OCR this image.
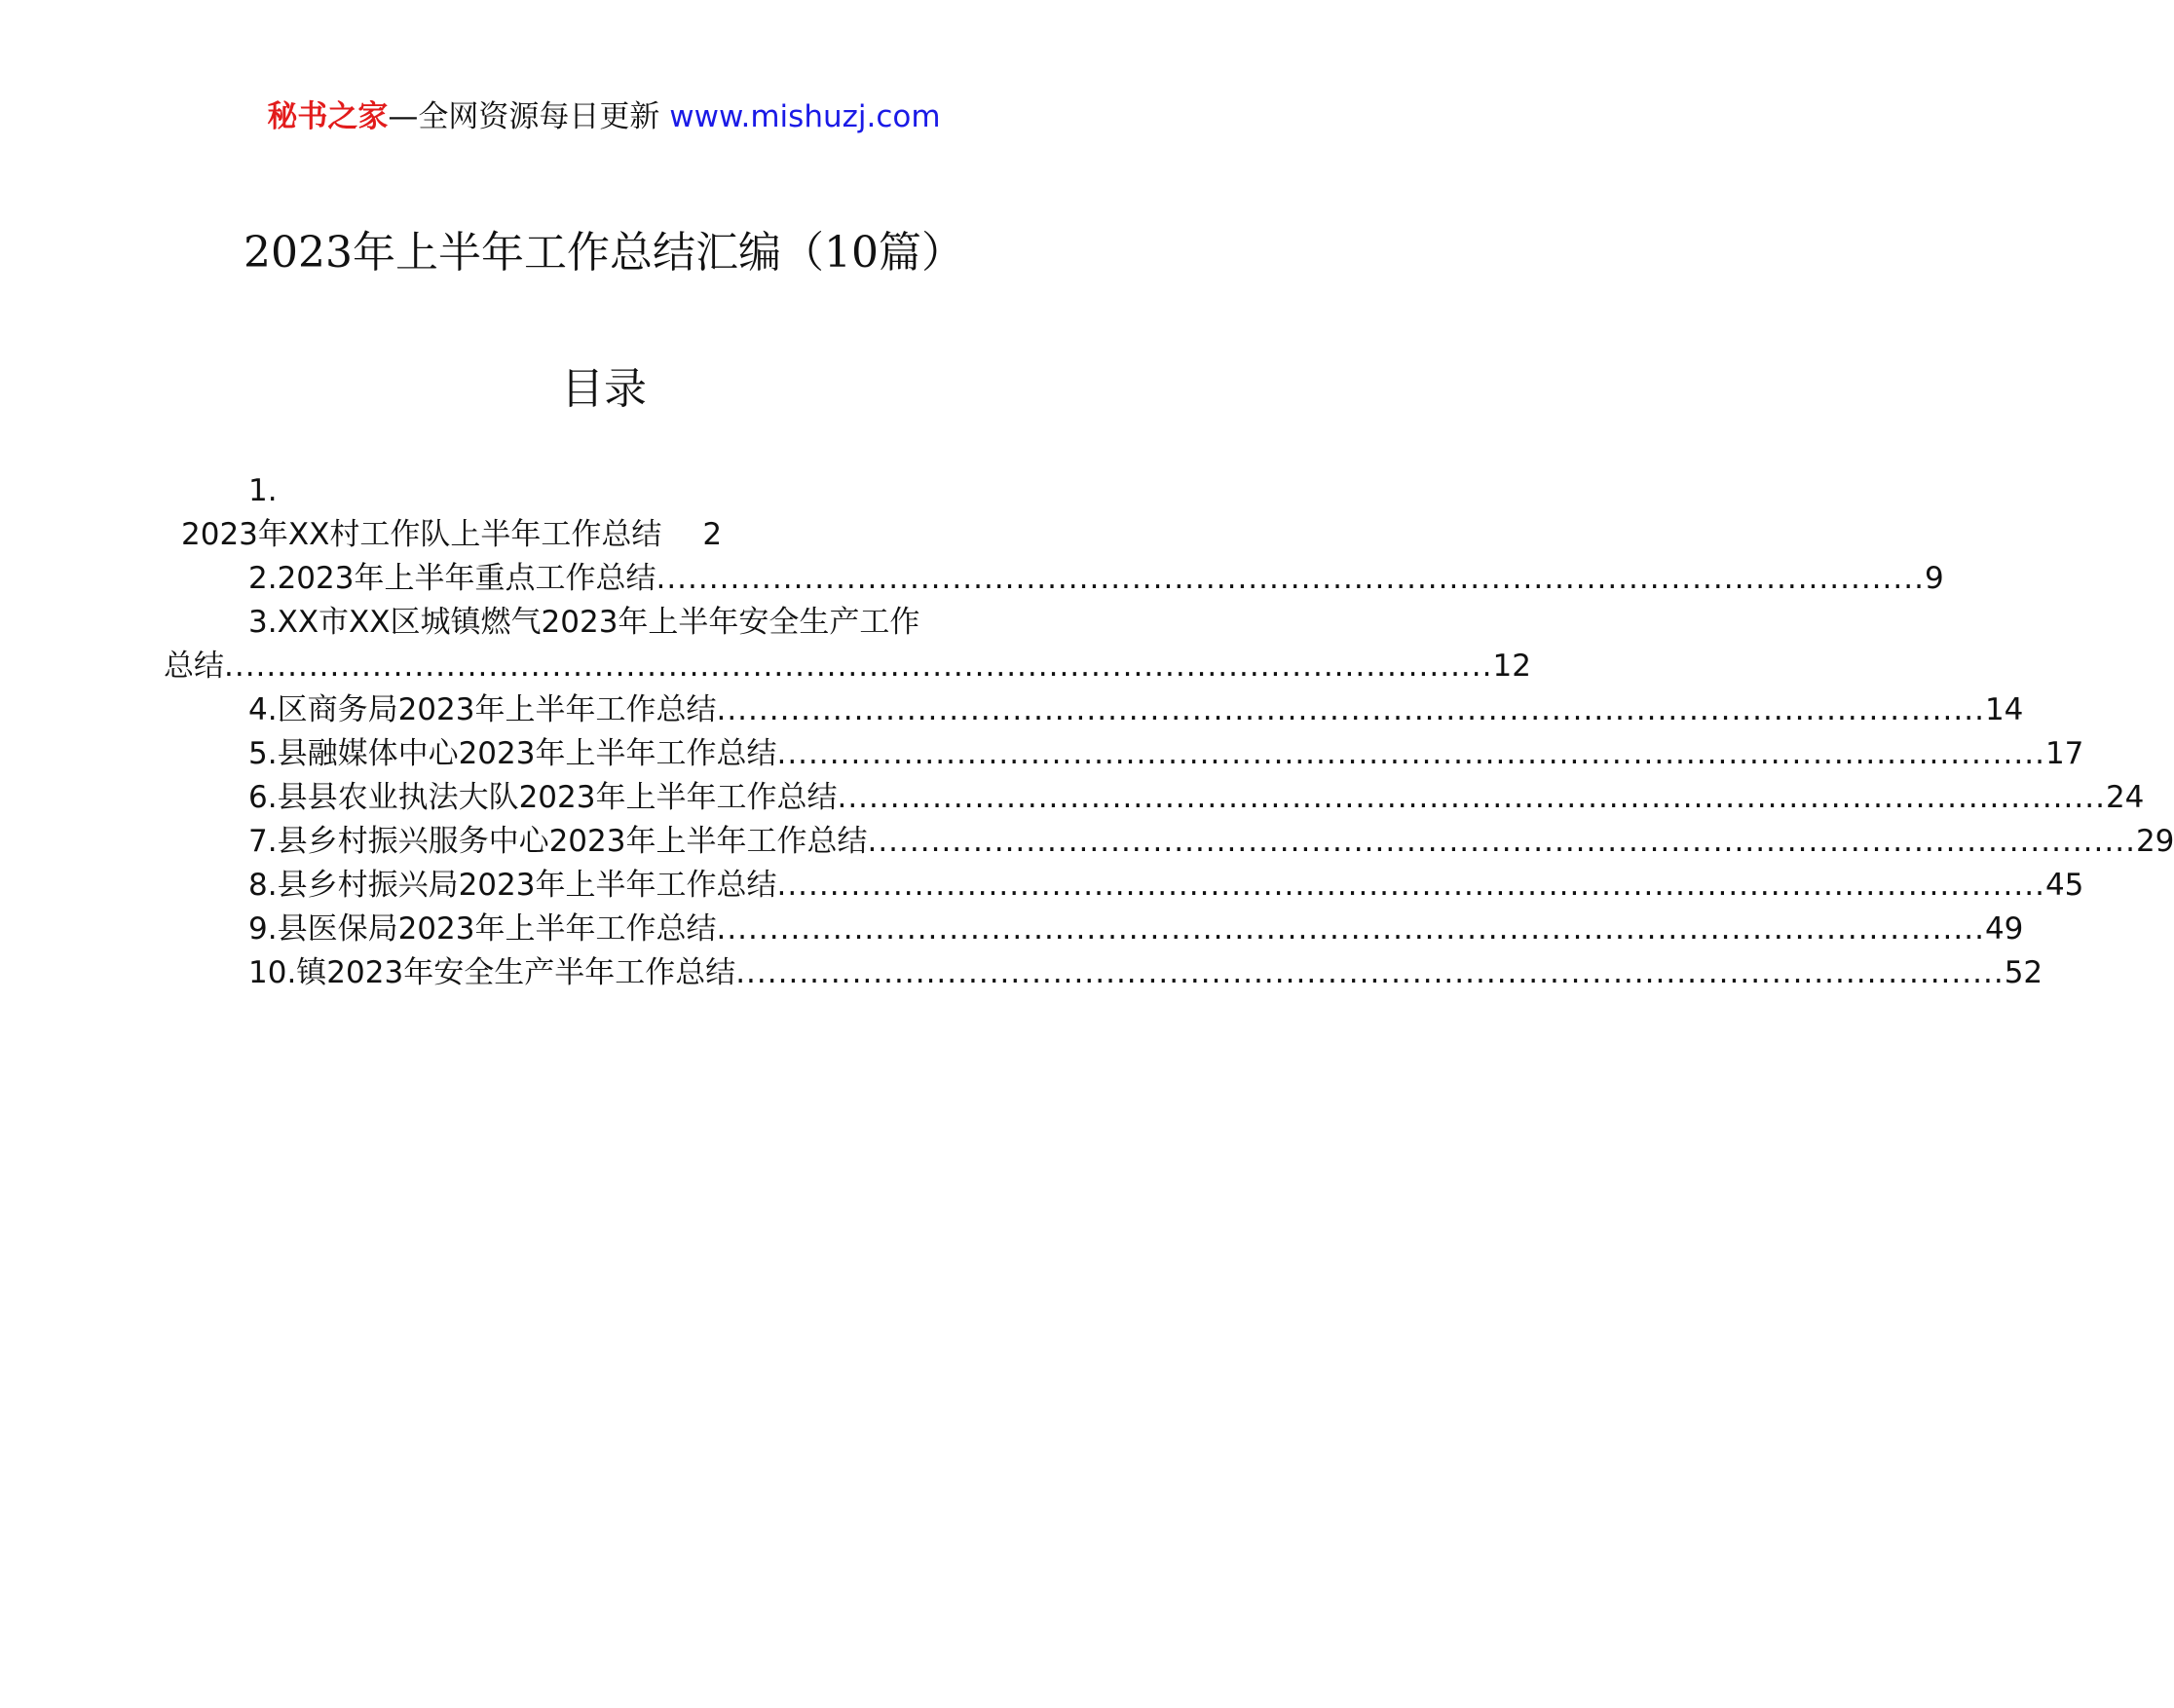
秘书之家—全网资源每日更新 www.mishuzj.com
2023年上半年工作总结汇编（10篇）
目录
1.
2023年XX村工作队上半年工作总结 2
2.2023年上半年重点工作总结 ........................................................................................................................ 9
3.XX市XX区城镇燃气2023年上半年安全生产工作
总结 ........................................................................................................................ 12
4.区商务局2023年上半年工作总结 ........................................................................................................................ 14
5.县融媒体中心2023年上半年工作总结 ........................................................................................................................ 17
6.县县农业执法大队2023年上半年工作总结 ........................................................................................................................ 24
7.县乡村振兴服务中心2023年上半年工作总结 ........................................................................................................................ 29
8.县乡村振兴局2023年上半年工作总结 ........................................................................................................................ 45
9.县医保局2023年上半年工作总结 ........................................................................................................................ 49
10.镇2023年安全生产半年工作总结 ........................................................................................................................ 52
